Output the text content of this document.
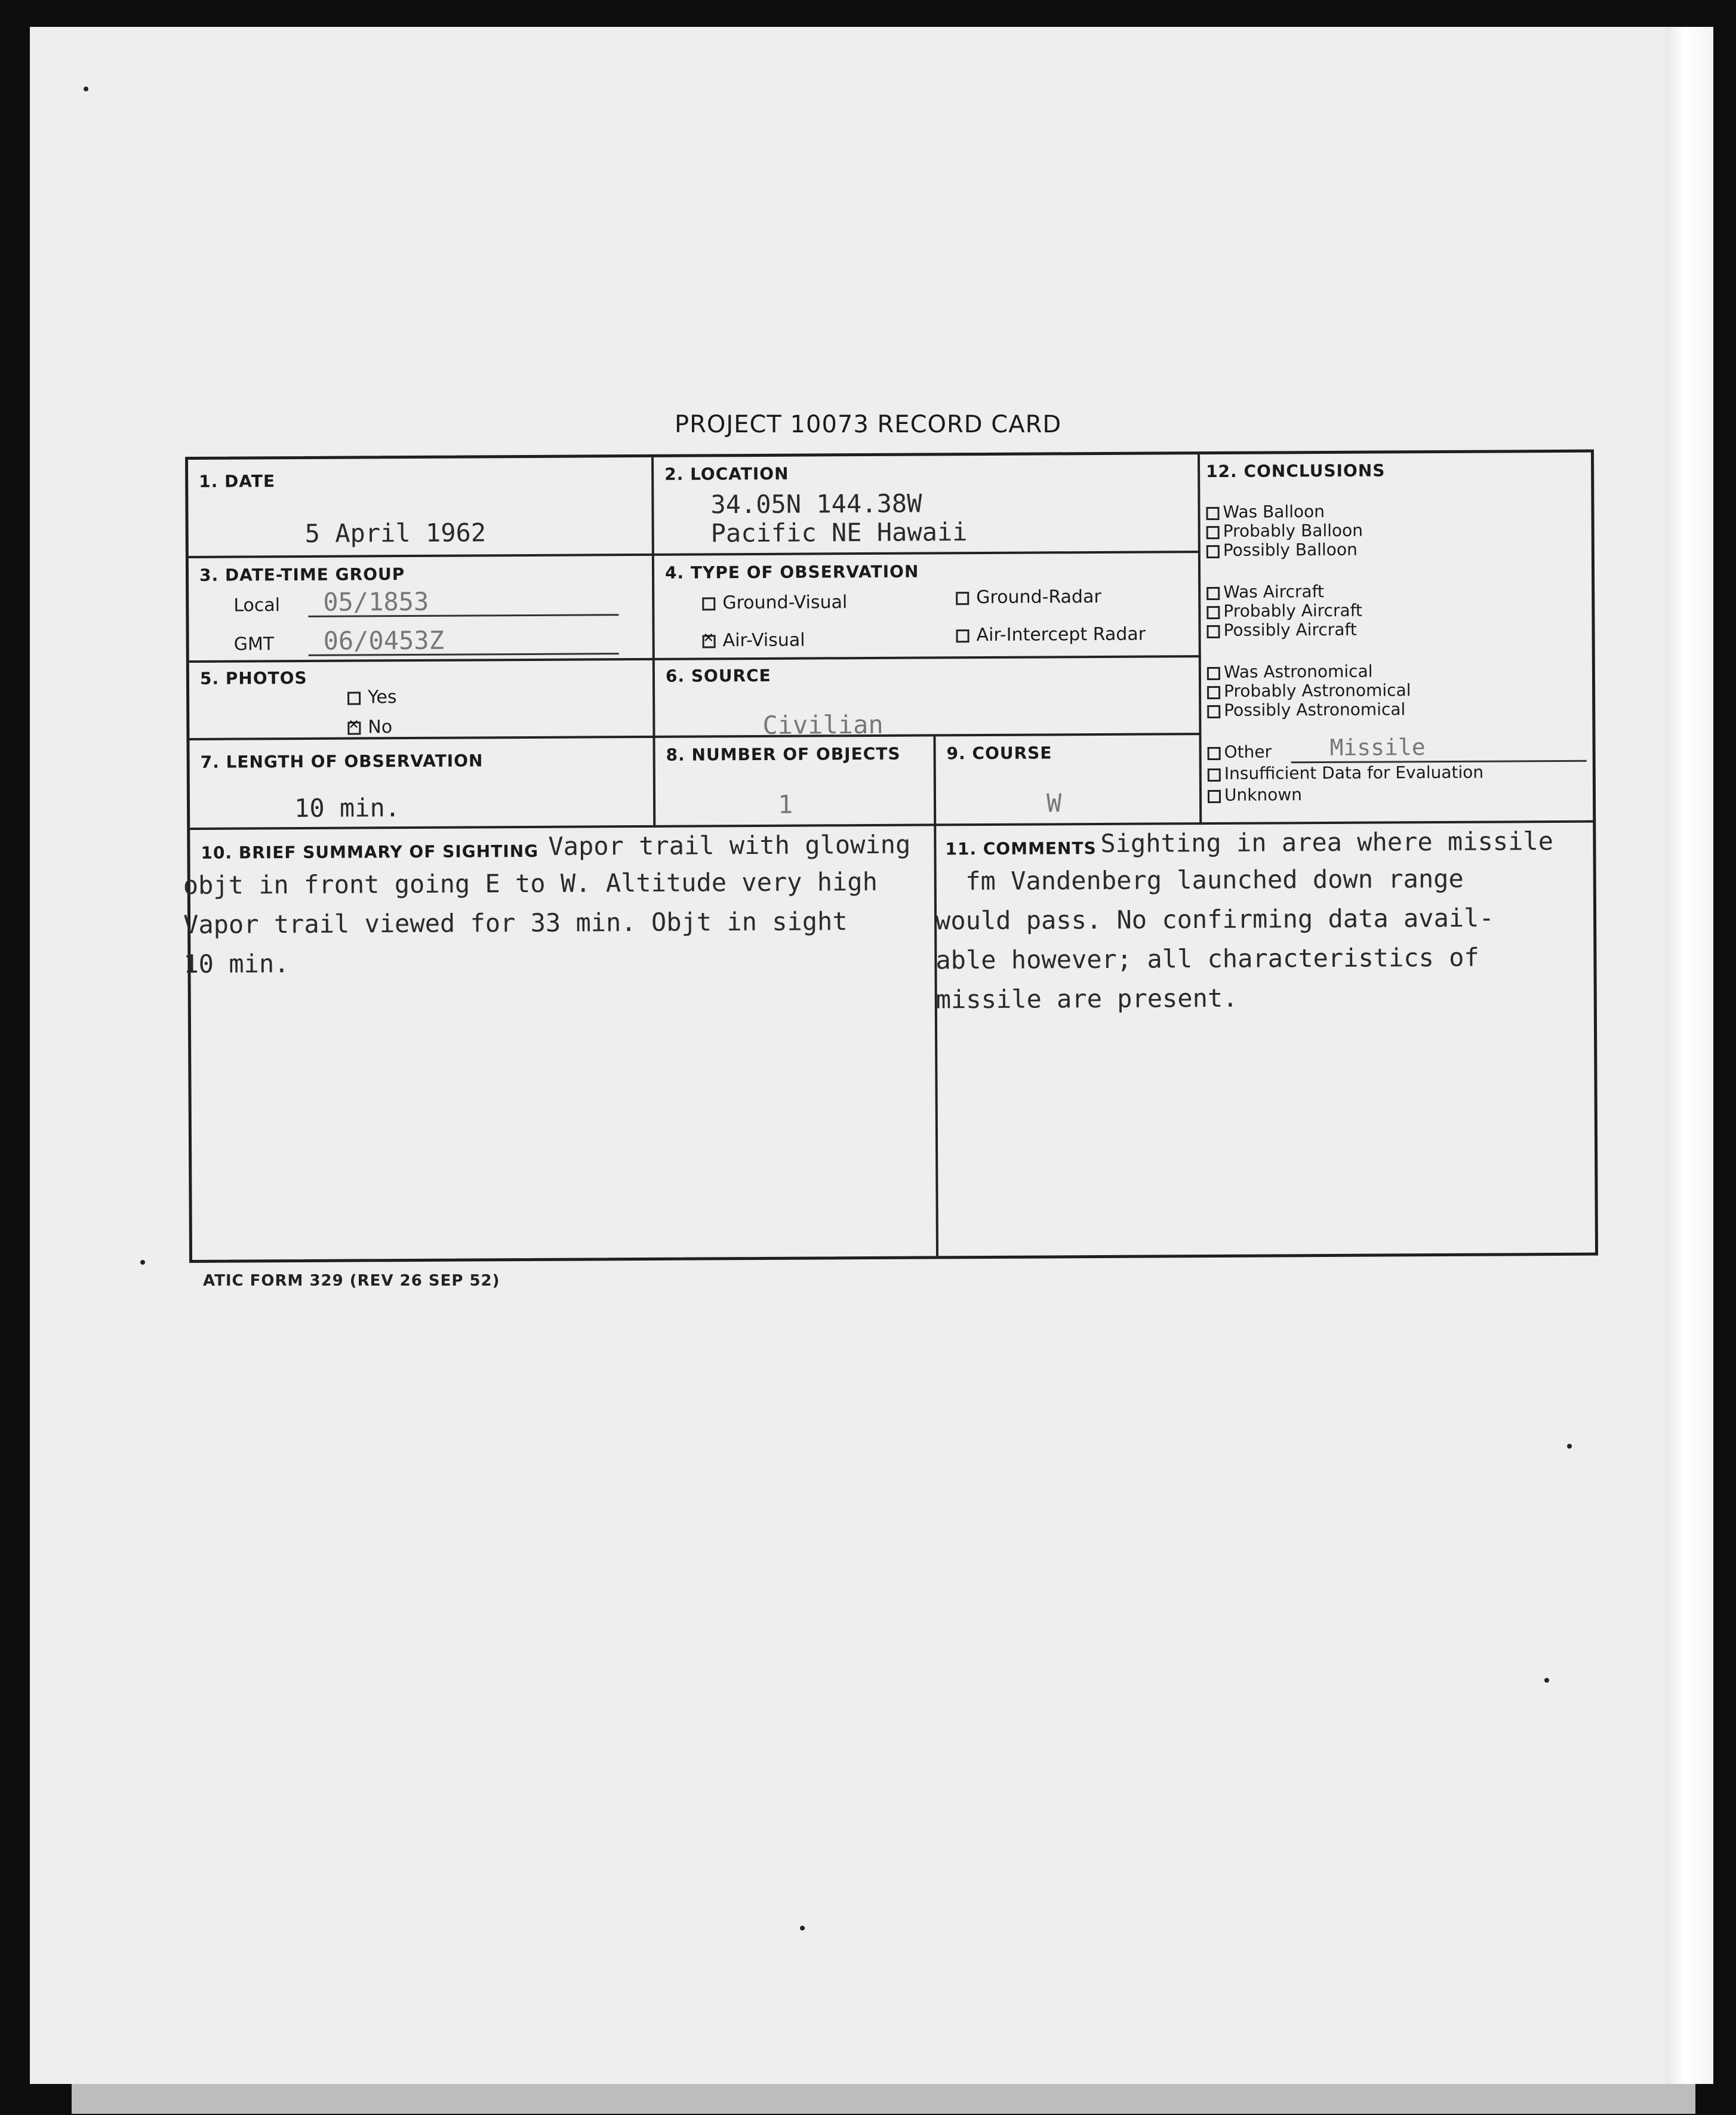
PROJECT 10073 RECORD CARD
1. DATE
5 April 1962
2. LOCATION
34.05N 144.38W
Pacific NE Hawaii
3. DATE-TIME GROUP
Local 05/1853
GMT 06/0453Z
4. TYPE OF OBSERVATION
Ground-Visual	Ground-Radar
✕Air-Visual	Air-Intercept Radar
5. PHOTOS
Yes
✕No
6. SOURCE
Civilian
7. LENGTH OF OBSERVATION
10 min.
8. NUMBER OF OBJECTS
1
9. COURSE
W
10. BRIEF SUMMARY OF SIGHTING Vapor trail with glowing
objt in front going E to W. Altitude very high
Vapor trail viewed for 33 min. Objt in sight
10 min.
11. COMMENTS Sighting in area where missile
fm Vandenberg launched down range
would pass. No confirming data avail-
able however; all characteristics of
missile are present.
12. CONCLUSIONS
Was Balloon
Probably Balloon
Possibly Balloon
Was Aircraft
Probably Aircraft
Possibly Aircraft
Was Astronomical
Probably Astronomical
Possibly Astronomical
Other	Missile
Insufficient Data for Evaluation
Unknown
ATIC FORM 329 (REV 26 SEP 52)
